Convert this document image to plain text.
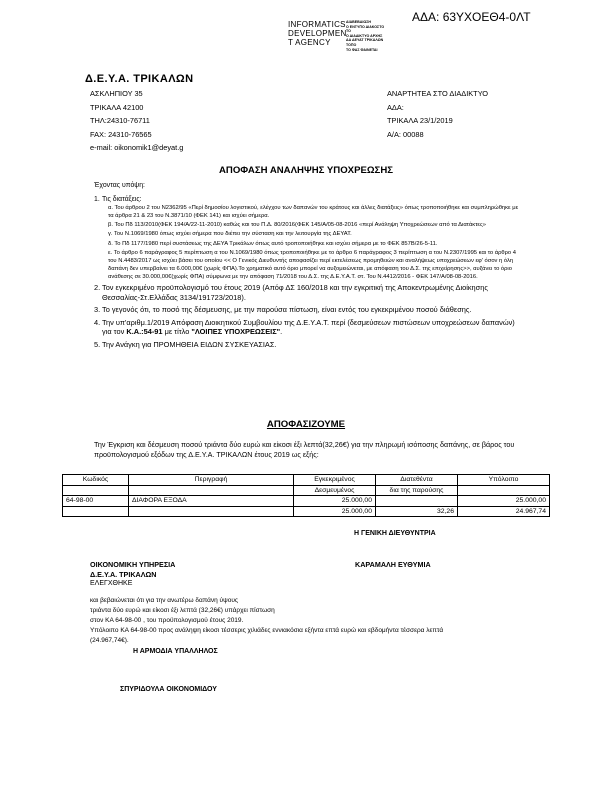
ΑΔΑ: 63ΥΧΟΕΘ4-0ΛΤ
INFORMATICS
DEVELOPMEN
T AGENCY
ΔΙΑΒΕΒΑΙΩΣΗ
Ο ΕΝΤΥΠΟ ΔΙΑΚΟΣΤΟ
ΤΟ
Ο ΔΙΑΔΙΚΤΥΟ ΑΡΧΗΣ
ΔΑ ΔΕΥΑΤ ΤΡΙΚΑΛΩΝ
ΤΟΠΟ
ΤΟ ΦΑΣ ΦΑΙΝΕΤΑΙ
Δ.Ε.Υ.Α. ΤΡΙΚΑΛΩΝ
ΑΣΚΛΗΠΙΟΥ 35
ΤΡΙΚΑΛΑ 42100
ΤΗΛ:24310-76711
FAX: 24310-76565
e-mail: oikonomik1@deyat.g
ΑΝΑΡΤΗΤΕΑ ΣΤΟ ΔΙΑΔΙΚΤΥΟ
ΑΔΑ:
ΤΡΙΚΑΛΑ 23/1/2019
Α/Α: 00088
ΑΠΟΦΑΣΗ ΑΝΑΛΗΨΗΣ ΥΠΟΧΡΕΩΣΗΣ
Έχοντας υπόψη:
1. Τις διατάξεις:
α. Του άρθρου 2 του Ν2362/95 «Περί δημοσίου λογιστικού, ελέγχου των δαπανών του κράτους και άλλες διατάξεις» όπως τροποποιήθηκε και συμπληρώθηκε με τα άρθρα 21 & 23 του Ν.3871/10 (ΦΕΚ 141) και ισχύει σήμερα.
β. Του Πδ 113/2010(ΦΕΚ 194/Α/22-11-2010) καθώς και του Π.Δ. 80/2016(ΦΕΚ 145/Α/05-08-2016 «περί Ανάληψη Υποχρεώσεων από τα Διατάκτες»
γ. Του Ν.1069/1980 όπως ισχύει σήμερα που διέπει την σύσταση και την λειτουργία της ΔΕΥΑΤ.
δ. Το Πδ 1177/1980 περί συστάσεως της ΔΕΥΑ Τρικάλων όπως αυτό τροποποιήθηκε και ισχύει σήμερα με το ΦΕΚ 857Β/26-5-11.
ε. Το άρθρο 6 παράγραφος 5 περίπτωση α του Ν.1069/1980 όπως τροποποιήθηκε με το άρθρο 6 παράγραφος 3 περίπτωση α του Ν.2307/1995 και το άρθρο 4 του Ν.4483/2017 ως ισχύει βάσει του οποίου << Ο Γενικός Διευθυντής αποφασίζει περί εκτελέσεως προμηθειών και αναλήψεως υποχρεώσεων εφ' όσον η όλη δαπάνη δεν υπερβαίνει τα 6.000,00€ (χωρίς ΦΠΑ).Το χρηματικό αυτό όριο μπορεί να αυξομειώνεται, με απόφαση του Δ.Σ. της επιχείρησης>>, αυξάνει το όριο ανάθεσης σε 30.000,00€(χωρίς ΦΠΑ) σύμφωνα με την απόφαση 71/2018 του Δ.Σ. της Δ.Ε.Υ.Α.Τ. στ. Του Ν.4412/2016 - ΦΕΚ 147/Α/08-08-2016.
2. Τον εγκεκριμένο προϋπολογισμό του έτους 2019 (Απόφ ΔΣ 160/2018 και την εγκριτική της Αποκεντρωμένης Διοίκησης Θεσσαλίας-Στ.Ελλάδας 3134/191723/2018).
3. Το γεγονός ότι, το ποσό της δέσμευσης, με την παρούσα πίστωση, είναι εντός του εγκεκριμένου ποσού διάθεσης.
4. Την υπ'αριθμ.1/2019 Απόφαση Διοικητικού Συμβουλίου της Δ.Ε.Υ.Α.Τ. περί (δεσμεύσεων πιστώσεων υποχρεώσεων δαπανών) για τον Κ.Α.:54-91 με τίτλο "ΛΟΙΠΕΣ ΥΠΟΧΡΕΩΣΕΙΣ".
5. Την Ανάγκη για ΠΡΟΜΗΘΕΙΑ ΕΙΔΩΝ ΣΥΣΚΕΥΑΣΙΑΣ.
ΑΠΟΦΑΣΙΖΟΥΜΕ
Την Έγκριση και δέσμευση ποσού τριάντα δύο ευρώ και είκοσι έξι λεπτά(32,26€) για την πληρωμή ισόποσης δαπάνης, σε βάρος του προϋπολογισμού εξόδων της Δ.Ε.Υ.Α. ΤΡΙΚΑΛΩΝ έτους 2019 ως εξής:
Κωδικός	Περιγραφή	Εγκεκριμένος	Διατεθέντα	Υπόλοιπο
		Δεσμευμένος	δια της παρούσης	
64-98-00	ΔΙΑΦΟΡΑ ΕΞΟΔΑ	25.000,00		25.000,00
		25.000,00	32,26	24.967,74
Η ΓΕΝΙΚΗ ΔΙΕΥΘΥΝΤΡΙΑ
ΟΙΚΟΝΟΜΙΚΗ ΥΠΗΡΕΣΙΑ
Δ.Ε.Υ.Α. ΤΡΙΚΑΛΩΝ
ΕΛΕΓΧΘΗΚΕ
ΚΑΡΑΜΑΛΗ ΕΥΘΥΜΙΑ
και βεβαιώνεται ότι για την ανωτέρω δαπάνη ύψους
τριάντα δύο ευρώ και είκοσι έξι λεπτά (32,26€) υπάρχει πίστωση
στον ΚΑ 64-98-00 , του προϋπολογισμού έτους 2019.
Υπόλοιπο ΚΑ 64-98-00 προς ανάληψη είκοσι τέσσερις χιλιάδες εννιακόσια εξήντα επτά ευρώ και εβδομήντα τέσσερα λεπτά
(24.967,74€).
Η ΑΡΜΟΔΙΑ ΥΠΑΛΛΗΛΟΣ
ΣΠΥΡΙΔΟΥΛΑ ΟΙΚΟΝΟΜΙΔΟΥ
